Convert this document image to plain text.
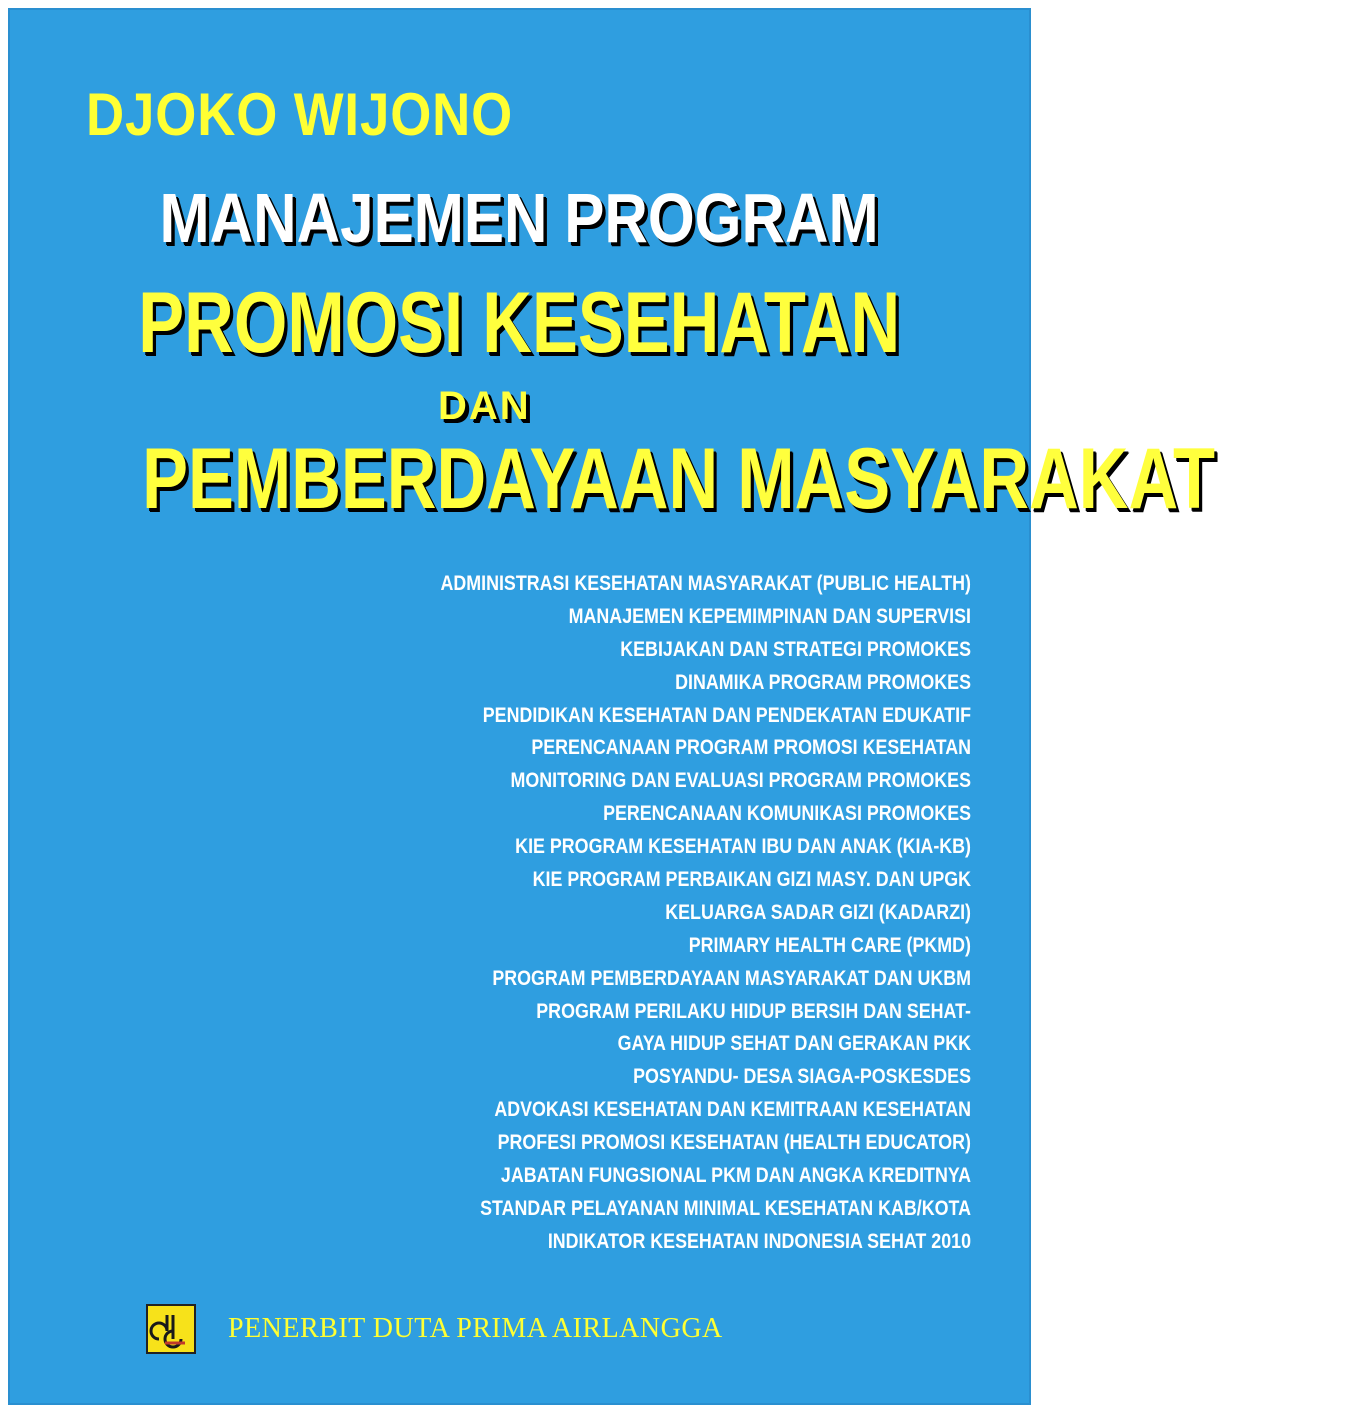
DJOKO WIJONO
MANAJEMEN PROGRAM
PROMOSI KESEHATAN
DAN
PEMBERDAYAAN MASYARAKAT
ADMINISTRASI KESEHATAN MASYARAKAT (PUBLIC HEALTH)
MANAJEMEN KEPEMIMPINAN DAN SUPERVISI
KEBIJAKAN DAN STRATEGI PROMOKES
DINAMIKA PROGRAM PROMOKES
PENDIDIKAN KESEHATAN DAN PENDEKATAN EDUKATIF
PERENCANAAN PROGRAM PROMOSI KESEHATAN
MONITORING DAN EVALUASI PROGRAM PROMOKES
PERENCANAAN KOMUNIKASI PROMOKES
KIE PROGRAM KESEHATAN IBU DAN ANAK (KIA-KB)
KIE PROGRAM PERBAIKAN GIZI MASY. DAN UPGK
KELUARGA SADAR GIZI (KADARZI)
PRIMARY HEALTH CARE (PKMD)
PROGRAM PEMBERDAYAAN MASYARAKAT DAN UKBM
PROGRAM PERILAKU HIDUP BERSIH DAN SEHAT-
GAYA HIDUP SEHAT DAN GERAKAN PKK
POSYANDU- DESA SIAGA-POSKESDES
ADVOKASI KESEHATAN DAN KEMITRAAN KESEHATAN
PROFESI PROMOSI KESEHATAN (HEALTH EDUCATOR)
JABATAN FUNGSIONAL PKM DAN ANGKA KREDITNYA
STANDAR PELAYANAN MINIMAL KESEHATAN KAB/KOTA
INDIKATOR KESEHATAN INDONESIA SEHAT 2010
PENERBIT DUTA PRIMA AIRLANGGA
